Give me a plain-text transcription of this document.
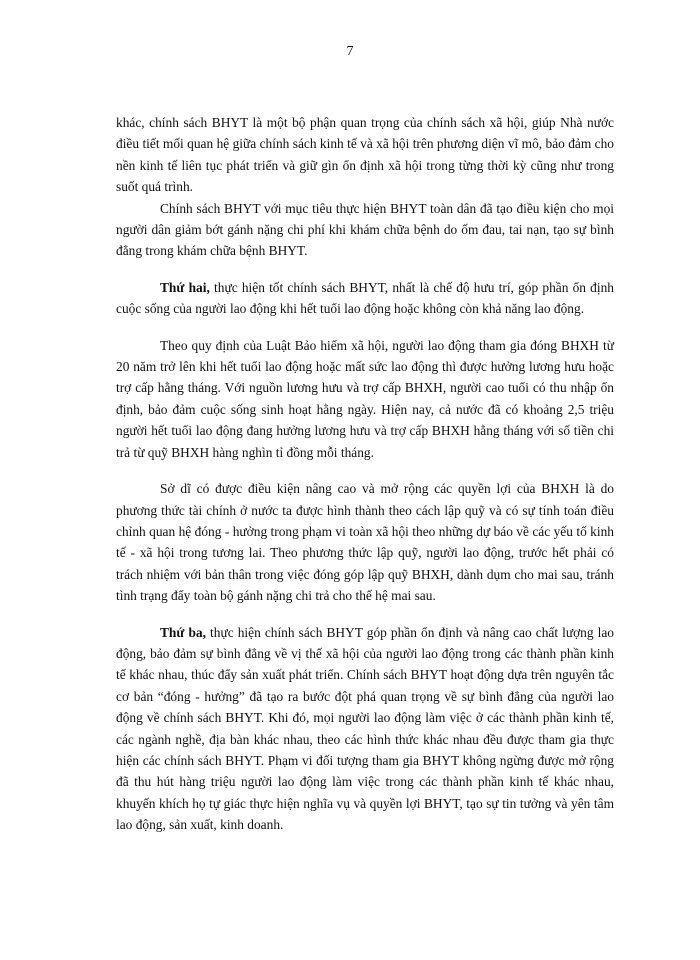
7

khác, chính sách BHYT là một bộ phận quan trọng của chính sách xã hội, giúp Nhà nước điều tiết mối quan hệ giữa chính sách kinh tế và xã hội trên phương diện vĩ mô, bảo đảm cho nền kinh tế liên tục phát triển và giữ gìn ổn định xã hội trong từng thời kỳ cũng như trong suốt quá trình.

Chính sách BHYT với mục tiêu thực hiện BHYT toàn dân đã tạo điều kiện cho mọi người dân giảm bớt gánh nặng chi phí khi khám chữa bệnh do ốm đau, tai nạn, tạo sự bình đẳng trong khám chữa bệnh BHYT.

Thứ hai, thực hiện tốt chính sách BHYT, nhất là chế độ hưu trí, góp phần ổn định cuộc sống của người lao động khi hết tuổi lao động hoặc không còn khả năng lao động.

Theo quy định của Luật Bảo hiểm xã hội, người lao động tham gia đóng BHXH từ 20 năm trở lên khi hết tuổi lao động hoặc mất sức lao động thì được hưởng lương hưu hoặc trợ cấp hằng tháng. Với nguồn lương hưu và trợ cấp BHXH, người cao tuổi có thu nhập ổn định, bảo đảm cuộc sống sinh hoạt hằng ngày. Hiện nay, cả nước đã có khoảng 2,5 triệu người hết tuổi lao động đang hưởng lương hưu và trợ cấp BHXH hằng tháng với số tiền chi trả từ quỹ BHXH hàng nghìn tỉ đồng mỗi tháng.

Sở dĩ có được điều kiện nâng cao và mở rộng các quyền lợi của BHXH là do phương thức tài chính ở nước ta được hình thành theo cách lập quỹ và có sự tính toán điều chỉnh quan hệ đóng - hưởng trong phạm vi toàn xã hội theo những dự báo về các yếu tố kinh tế - xã hội trong tương lai. Theo phương thức lập quỹ, người lao động, trước hết phải có trách nhiệm với bản thân trong việc đóng góp lập quỹ BHXH, dành dụm cho mai sau, tránh tình trạng đẩy toàn bộ gánh nặng chi trả cho thế hệ mai sau.

Thứ ba, thực hiện chính sách BHYT góp phần ổn định và nâng cao chất lượng lao động, bảo đảm sự bình đẳng về vị thế xã hội của người lao động trong các thành phần kinh tế khác nhau, thúc đẩy sản xuất phát triển. Chính sách BHYT hoạt động dựa trên nguyên tắc cơ bản “đóng - hưởng” đã tạo ra bước đột phá quan trọng về sự bình đẳng của người lao động về chính sách BHYT. Khi đó, mọi người lao động làm việc ở các thành phần kinh tế, các ngành nghề, địa bàn khác nhau, theo các hình thức khác nhau đều được tham gia thực hiện các chính sách BHYT. Phạm vi đối tượng tham gia BHYT không ngừng được mở rộng đã thu hút hàng triệu người lao động làm việc trong các thành phần kinh tế khác nhau, khuyến khích họ tự giác thực hiện nghĩa vụ và quyền lợi BHYT, tạo sự tin tưởng và yên tâm lao động, sản xuất, kinh doanh.
